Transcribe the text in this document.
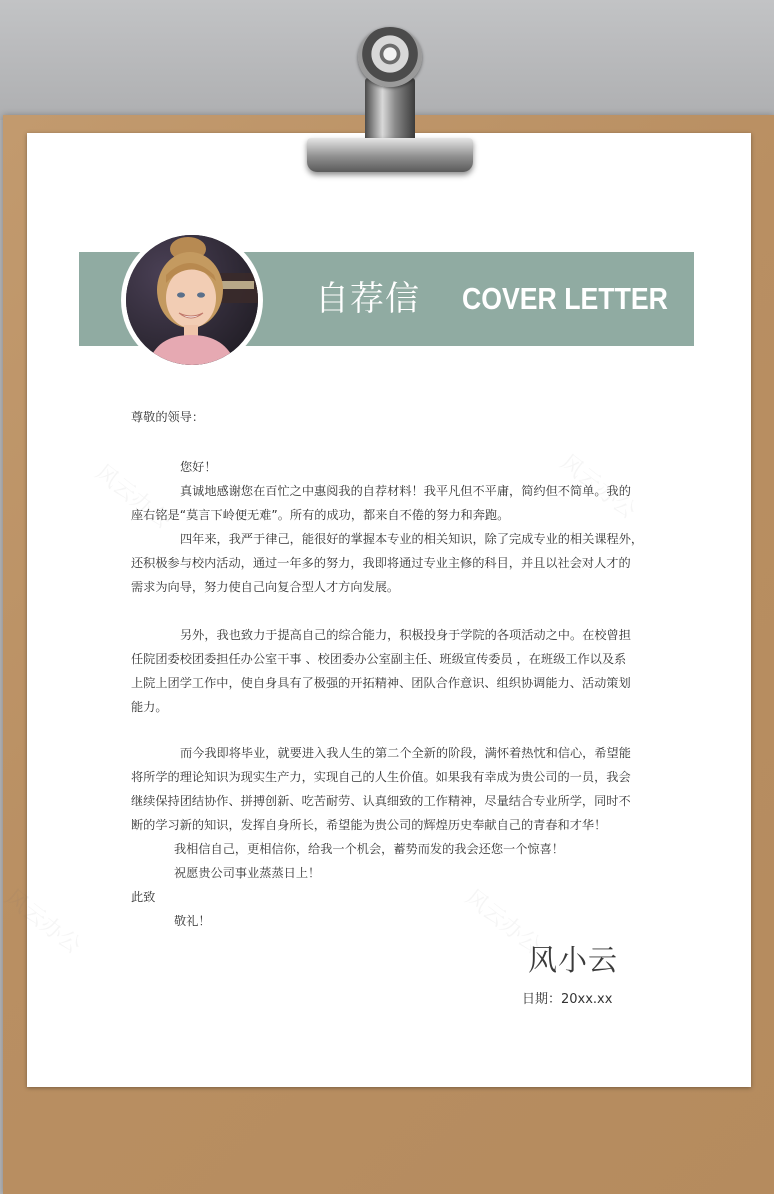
风云办公	风云办公
风云办公	风云办公
自荐信 COVER LETTER
尊敬的领导：
您好！
真诚地感谢您在百忙之中惠阅我的自荐材料！我平凡但不平庸，简约但不简单。我的
座右铭是“莫言下岭便无难”。所有的成功，都来自不倦的努力和奔跑。
四年来，我严于律己，能很好的掌握本专业的相关知识，除了完成专业的相关课程外，
还积极参与校内活动，通过一年多的努力，我即将通过专业主修的科目，并且以社会对人才的
需求为向导，努力使自己向复合型人才方向发展。
另外，我也致力于提高自己的综合能力，积极投身于学院的各项活动之中。在校曾担
任院团委校团委担任办公室干事 、校团委办公室副主任、班级宣传委员 ，在班级工作以及系
上院上团学工作中，使自身具有了极强的开拓精神、团队合作意识、组织协调能力、活动策划
能力。
而今我即将毕业，就要进入我人生的第二个全新的阶段，满怀着热忱和信心，希望能
将所学的理论知识为现实生产力，实现自己的人生价值。如果我有幸成为贵公司的一员，我会
继续保持团结协作、拼搏创新、吃苦耐劳、认真细致的工作精神，尽量结合专业所学，同时不
断的学习新的知识，发挥自身所长，希望能为贵公司的辉煌历史奉献自己的青春和才华！
我相信自己，更相信你，给我一个机会，蓄势而发的我会还您一个惊喜！
祝愿贵公司事业蒸蒸日上！
此致
敬礼！
风小云
日期：20xx.xx
